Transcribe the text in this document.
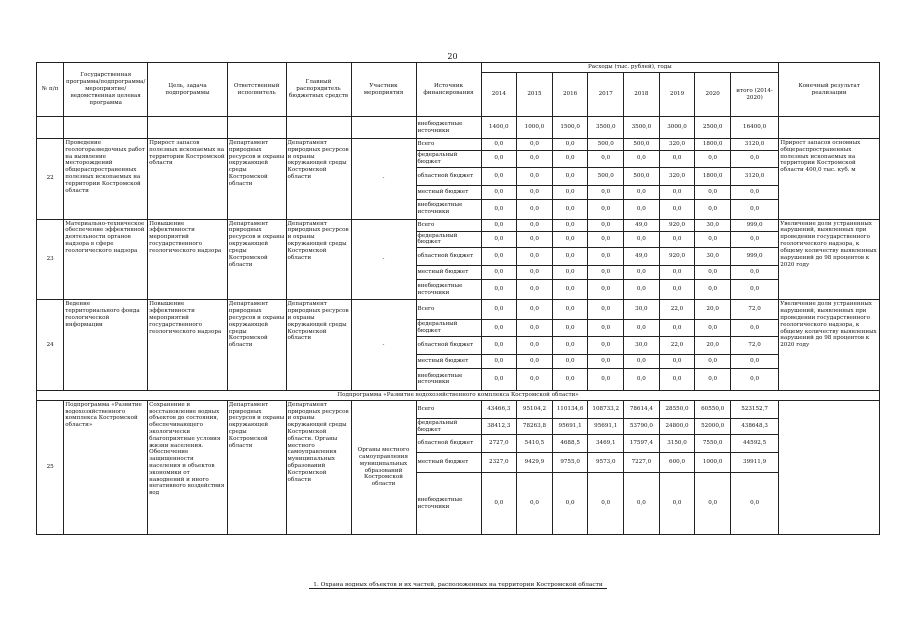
20
№ п/п	Государственная программа/подпрограмма/мероприятие/ведомственная целевая программа	Цель, задача подпрограммы	Ответственный исполнитель	Главный распорядитель бюджетных средств	Участник мероприятия	Источник финансирования	Расходы (тыс. рублей), годы								Конечный результат реализации
							2014	2015	2016	2017	2018	2019	2020	итого (2014-2020)	
						внебюджетные источники	1400,0	1000,0	1500,0	3500,0	3500,0	3000,0	2500,0	16400,0	
22	Проведение геологоразведочных работ на выявление месторождений общераспространенных полезных ископаемых на территории Костромской области	Прирост запасов полезных ископаемых на территории Костромской области	Департамент природных ресурсов и охраны окружающей среды Костромской области	Департамент природных ресурсов и охраны окружающей среды Костромской области	-	Всего	0,0	0,0	0,0	500,0	500,0	320,0	1800,0	3120,0	Прирост запасов основных общераспространенных полезных ископаемых на территории Костромской области 400,0 тыс. куб. м
						федеральный бюджет	0,0	0,0	0,0	0,0	0,0	0,0	0,0	0,0	
						областной бюджет	0,0	0,0	0,0	500,0	500,0	320,0	1800,0	3120,0	
						местный бюджет	0,0	0,0	0,0	0,0	0,0	0,0	0,0	0,0	
						внебюджетные источники	0,0	0,0	0,0	0,0	0,0	0,0	0,0	0,0	
23	Материально-техническое обеспечение эффективной деятельности органов надзора в сфере геологического надзора	Повышение эффективности мероприятий государственного геологического надзора	Департамент природных ресурсов и охраны окружающей среды Костромской области	Департамент природных ресурсов и охраны окружающей среды Костромской области	-	Всего	0,0	0,0	0,0	0,0	49,0	920,0	30,0	999,0	Увеличение доли устраненных нарушений, выявленных при проведении государственного геологического надзора, к общему количеству выявленных нарушений до 98 процентов к 2020 году
						федеральный бюджет	0,0	0,0	0,0	0,0	0,0	0,0	0,0	0,0	
						областной бюджет	0,0	0,0	0,0	0,0	49,0	920,0	30,0	999,0	
						местный бюджет	0,0	0,0	0,0	0,0	0,0	0,0	0,0	0,0	
						внебюджетные источники	0,0	0,0	0,0	0,0	0,0	0,0	0,0	0,0	
24	Ведение территориального фонда геологической информации	Повышение эффективности мероприятий государственного геологического надзора	Департамент природных ресурсов и охраны окружающей среды Костромской области	Департамент природных ресурсов и охраны окружающей среды Костромской области	-	Всего	0,0	0,0	0,0	0,0	30,0	22,0	20,0	72,0	Увеличение доли устраненных нарушений, выявленных при проведении государственного геологического надзора, к общему количеству выявленных нарушений до 98 процентов к 2020 году
						федеральный бюджет	0,0	0,0	0,0	0,0	0,0	0,0	0,0	0,0	
						областной бюджет	0,0	0,0	0,0	0,0	30,0	22,0	20,0	72,0	
						местный бюджет	0,0	0,0	0,0	0,0	0,0	0,0	0,0	0,0	
						внебюджетные источники	0,0	0,0	0,0	0,0	0,0	0,0	0,0	0,0	
Подпрограмма «Развитие водохозяйственного комплекса Костромской области»															
25	Подпрограмма «Развитие водохозяйственного комплекса Костромской области»	Сохранение и восстановление водных объектов до состояния, обеспечивающего экологически благоприятные условия жизни населения. Обеспечение защищенности населения и объектов экономики от наводнений и иного негативного воздействия вод	Департамент природных ресурсов и охраны окружающей среды Костромской области	Департамент природных ресурсов и охраны окружающей среды Костромской области. Органы местного самоуправления муниципальных образований Костромской области	Органы местного самоуправления муниципальных образований Костромской области	Всего	43466,3	95104,2	110134,6	108733,2	78614,4	28550,0	60550,0	523152,7	
						федеральный бюджет	38412,3	78263,8	95691,1	95691,1	53790,0	24800,0	52000,0	438648,3	
						областной бюджет	2727,0	5410,5	4688,5	3469,1	17597,4	3150,0	7550,0	44592,5	
						местный бюджет	2327,0	9429,9	9755,0	9573,0	7227,0	600,0	1000,0	39911,9	
						внебюджетные источники	0,0	0,0	0,0	0,0	0,0	0,0	0,0	0,0	
1. Охрана водных объектов и их частей, расположенных на территории Костромской области
